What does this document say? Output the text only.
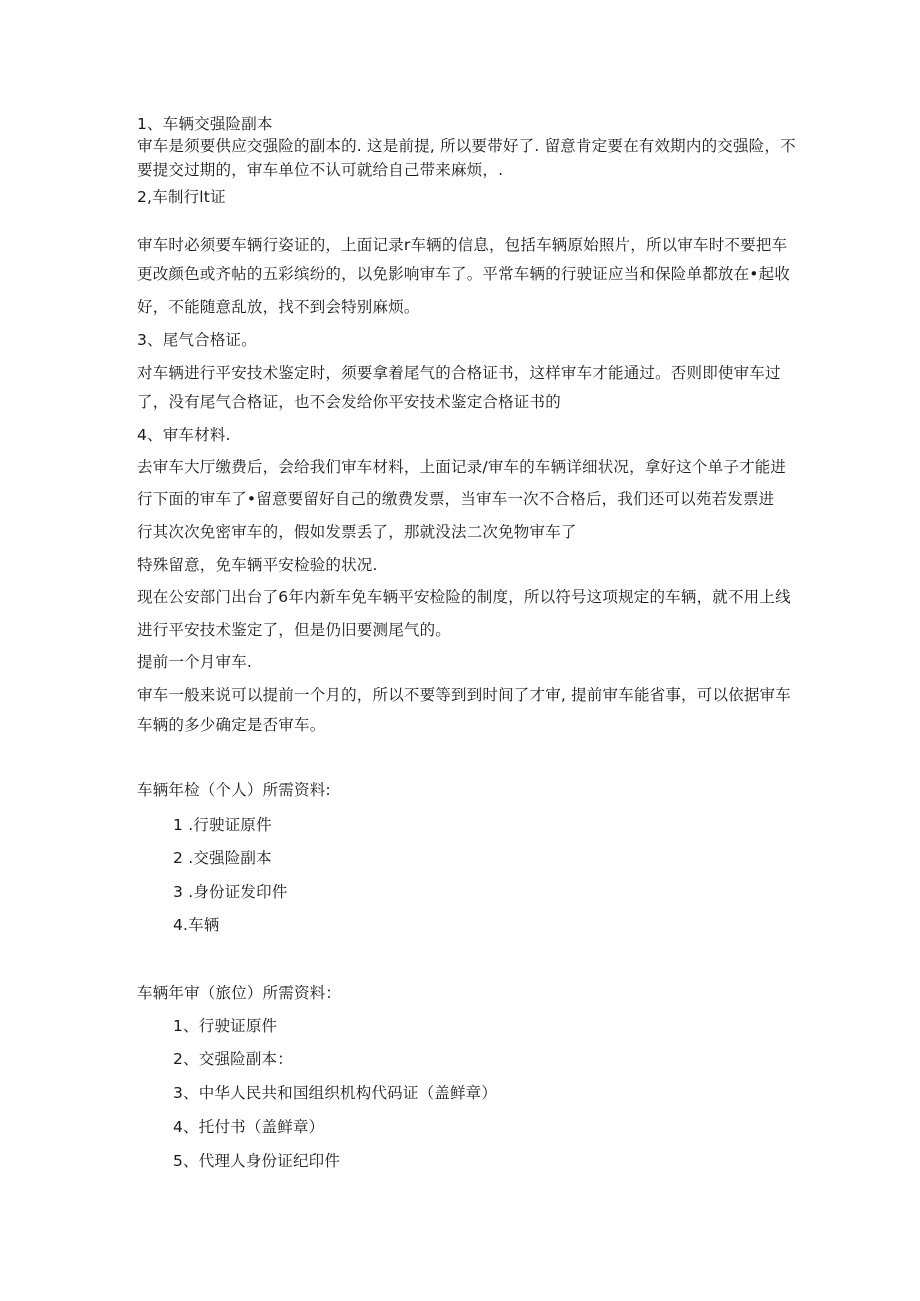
1、车辆交强险副本
审车是须要供应交强险的副本的. 这是前提, 所以要带好了. 留意肯定要在有效期内的交强险，不
要提交过期的，审车单位不认可就给自己带来麻烦，.
2,车制行lt证
审车时必须要车辆行姿证的，上面记录r车辆的信息，包括车辆原始照片，所以审车时不要把车
更改颜色或齐帖的五彩缤纷的，以免影响审车了。平常车辆的行驶证应当和保险单都放在•起收
好，不能随意乱放，找不到会特别麻烦。
3、尾气合格证。
对车辆进行平安技术鉴定时，须要拿着尾气的合格证书，这样审车才能通过。否则即使审车过
了，没有尾气合格证，也不会发给你平安技术鉴定合格证书的
4、审车材料.
去审车大厅缴费后，会给我们审车材料，上面记录/审车的车辆详细状况，拿好这个单子才能进
行下面的审车了•留意要留好自己的缴费发票，当审车一次不合格后，我们还可以苑若发票进
行其次次免密审车的，假如发票丢了，那就没法二次免物审车了
特殊留意，免车辆平安检验的状况.
现在公安部门出台了6年内新车免车辆平安检险的制度，所以符号这项规定的车辆，就不用上线
进行平安技术鉴定了，但是仍旧要测尾气的。
提前一个月审车.
审车一般来说可以提前一个月的，所以不要等到到时间了才审, 提前审车能省事，可以依据审车
车辆的多少确定是否审车。
车辆年检（个人）所需资料:
1 .行驶证原件
2 .交强险副本
3 .身份证发印件
4.车辆
车辆年审（旅位）所需资料：
1、行驶证原件
2、交强险副本：
3、中华人民共和国组织机构代码证（盖鲜章）
4、托付书（盖鲜章）
5、代理人身份证纪印件
